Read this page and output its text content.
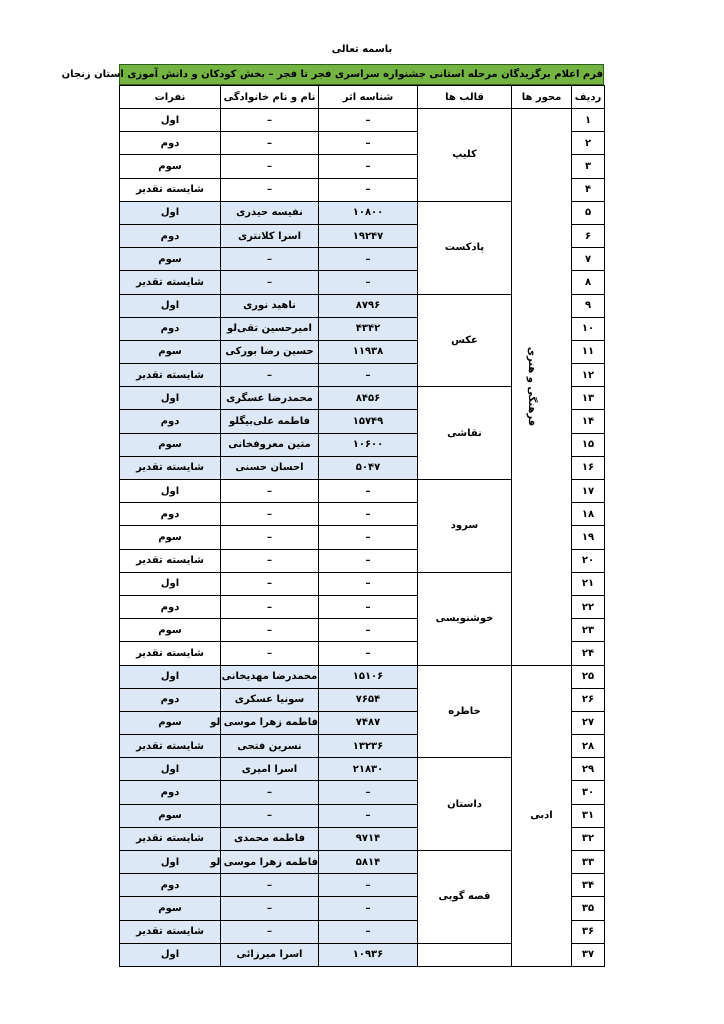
باسمه تعالی
فرم اعلام برگزیدگان مرحله استانی جشنواره سراسری فجر تا فجر – بخش کودکان و دانش آموزی استان زنجان
ردیف	محور ها	قالب ها	شناسه اثر	نام و نام خانوادگی	نفرات
۱	فرهنگی و هنری	کلیپ	–	–	اول
۲			–	–	دوم
۳			–	–	سوم
۴			–	–	شایسته تقدیر
۵		پادکست	۱۰۸۰۰	نفیسه حیدری	اول
۶			۱۹۲۴۷	اسرا کلانتری	دوم
۷			–	–	سوم
۸			–	–	شایسته تقدیر
۹		عکس	۸۷۹۶	ناهید نوری	اول
۱۰			۴۳۴۲	امیرحسین تقی‌لو	دوم
۱۱			۱۱۹۳۸	حسین رضا بورکی	سوم
۱۲			–	–	شایسته تقدیر
۱۳		نقاشی	۸۴۵۶	محمدرضا عسگری	اول
۱۴			۱۵۷۴۹	فاطمه علی‌بیگلو	دوم
۱۵			۱۰۶۰۰	متین معروفخانی	سوم
۱۶			۵۰۴۷	احسان حسنی	شایسته تقدیر
۱۷		سرود	–	–	اول
۱۸			–	–	دوم
۱۹			–	–	سوم
۲۰			–	–	شایسته تقدیر
۲۱		خوشنویسی	–	–	اول
۲۲			–	–	دوم
۲۳			–	–	سوم
۲۴			–	–	شایسته تقدیر
۲۵	ادبی	خاطره	۱۵۱۰۶	محمدرضا مهدیخانی	اول
۲۶			۷۶۵۴	سونیا عسکری	دوم
۲۷			۷۴۸۷	فاطمه زهرا موسی لو	سوم
۲۸			۱۳۲۳۶	نسرین فتحی	شایسته تقدیر
۲۹		داستان	۲۱۸۳۰	اسرا امیری	اول
۳۰			–	–	دوم
۳۱			–	–	سوم
۳۲			۹۷۱۴	فاطمه محمدی	شایسته تقدیر
۳۳		قصه گویی	۵۸۱۴	فاطمه زهرا موسی لو	اول
۳۴			–	–	دوم
۳۵			–	–	سوم
۳۶			–	–	شایسته تقدیر
۳۷			۱۰۹۳۶	اسرا میرزائی	اول
